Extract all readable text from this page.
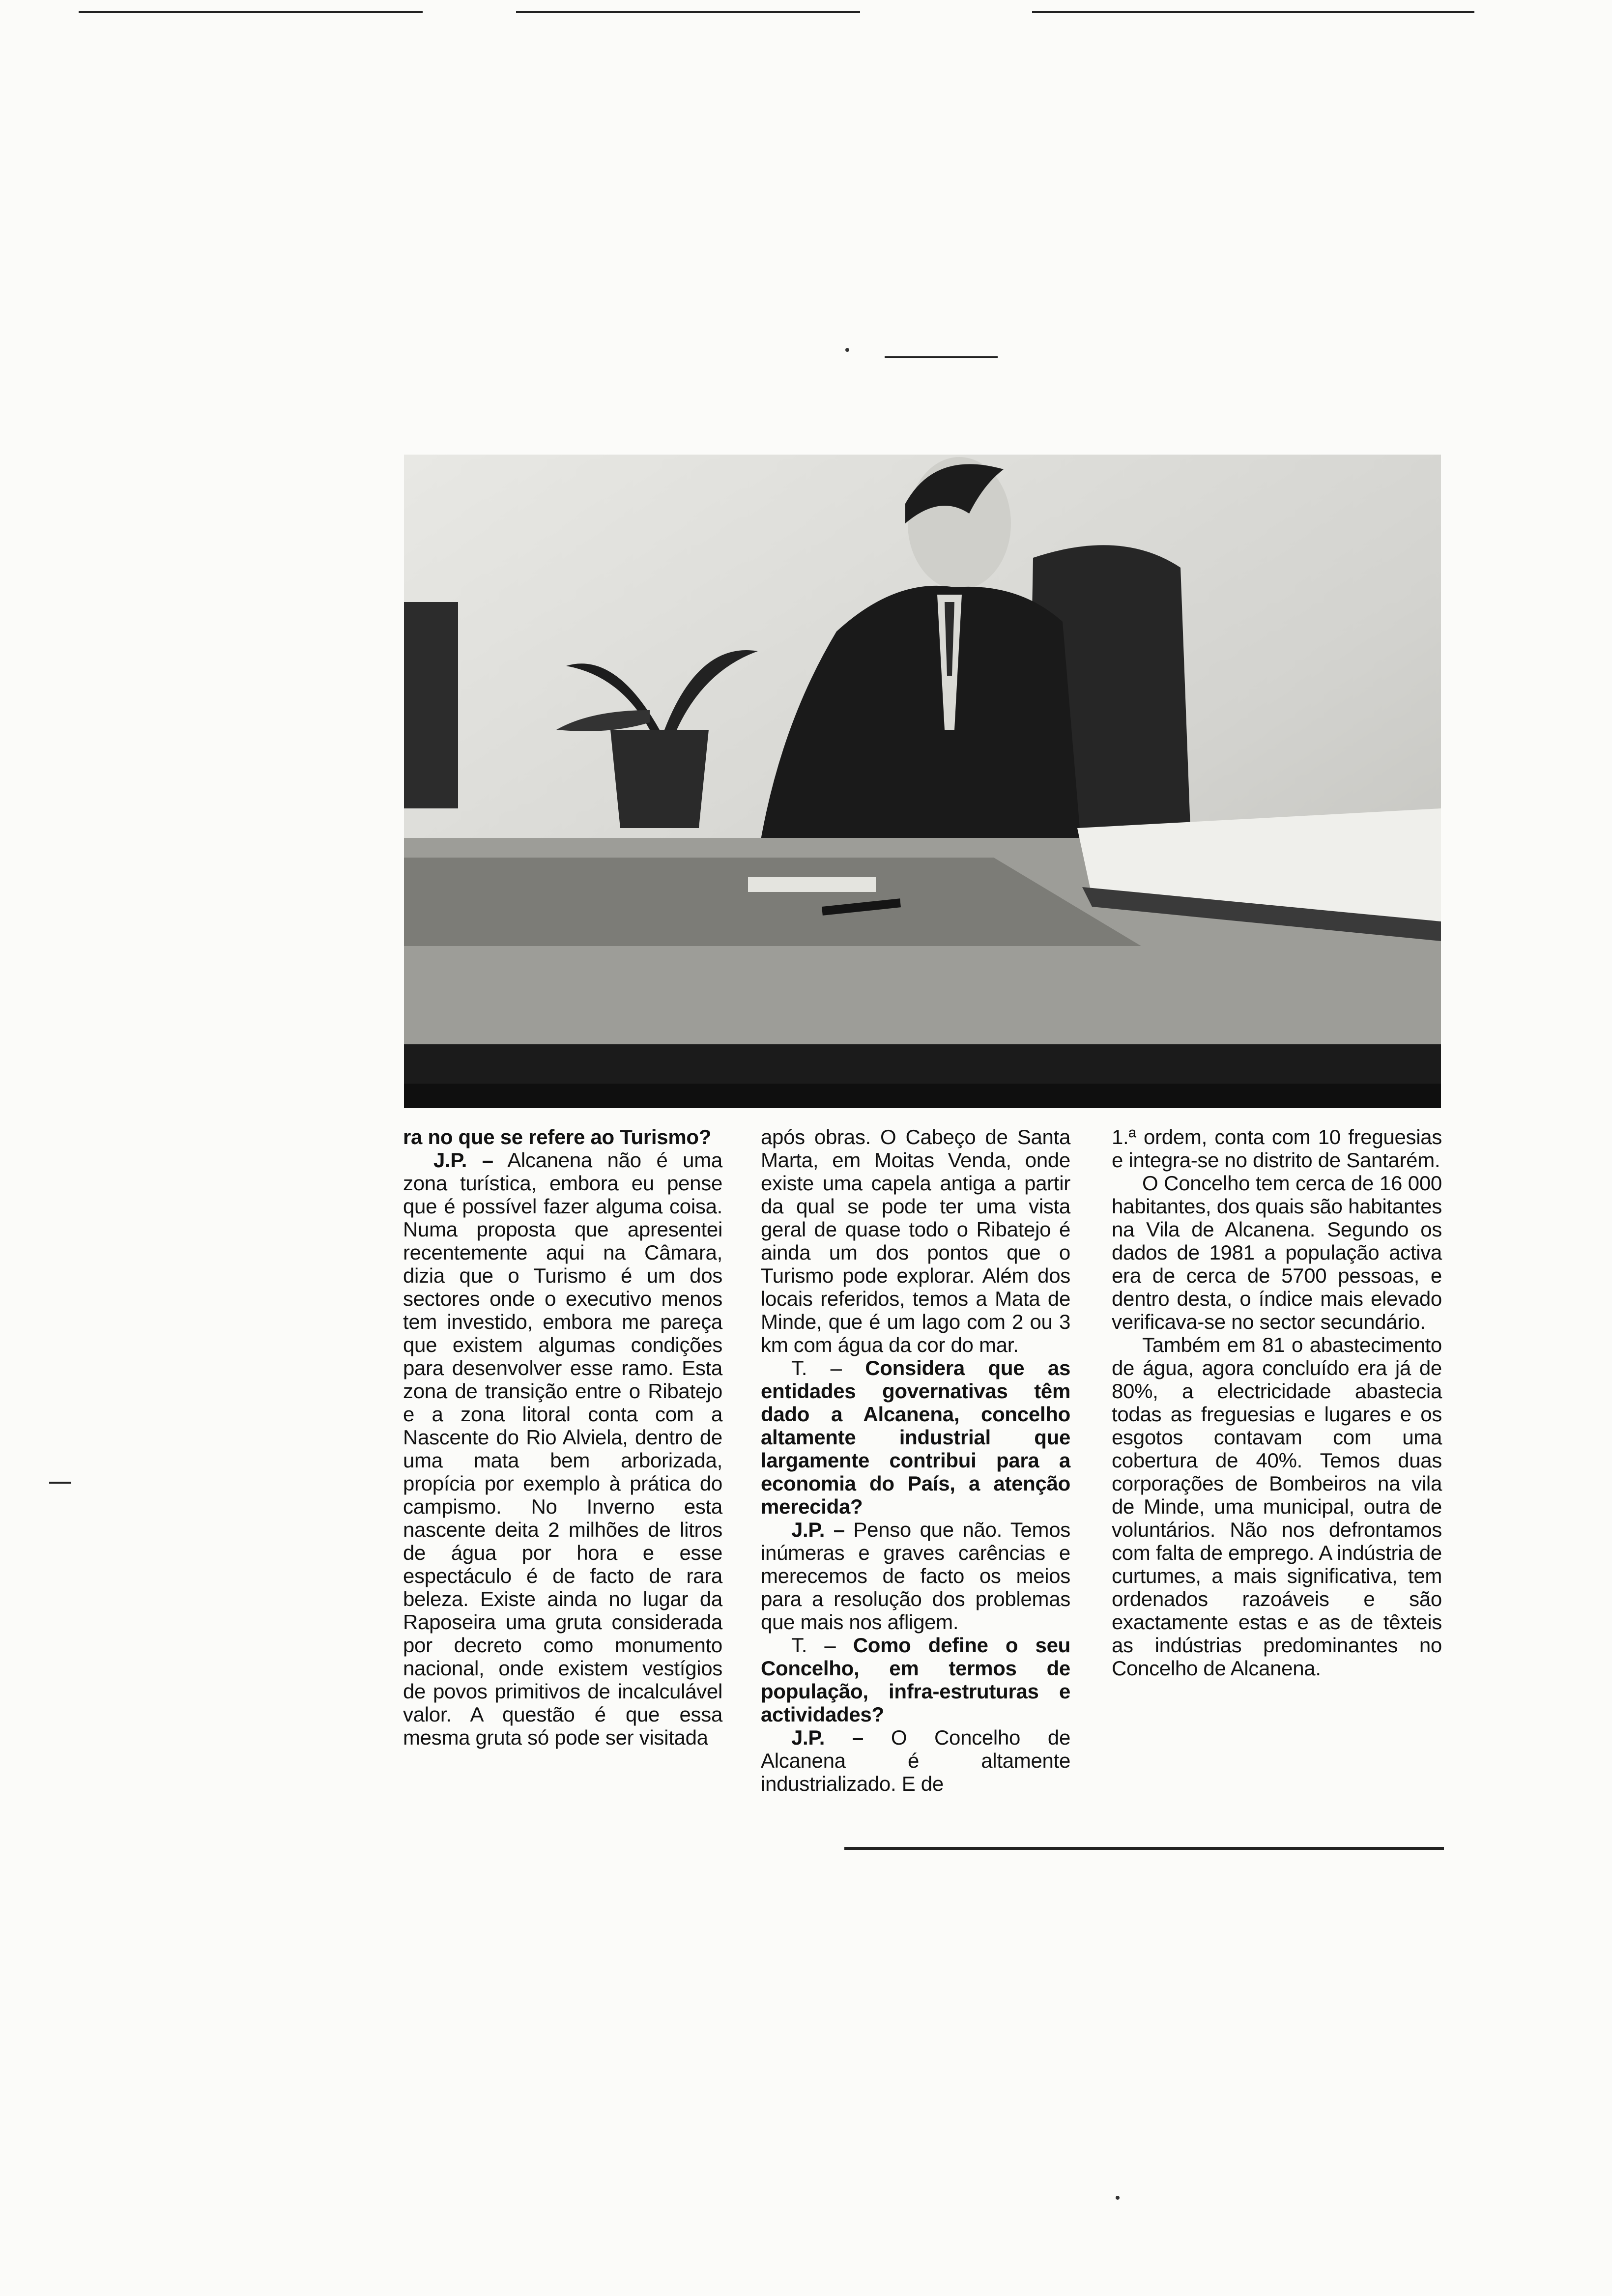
ra no que se refere ao Turismo?

J.P. – Alcanena não é uma zona turística, embora eu pense que é possível fazer alguma coisa. Numa proposta que apresentei recentemente aqui na Câmara, dizia que o Turismo é um dos sectores onde o executivo menos tem investido, embora me pareça que existem algumas condições para desenvolver esse ramo. Esta zona de transição entre o Ribatejo e a zona litoral conta com a Nascente do Rio Alviela, dentro de uma mata bem arborizada, propícia por exemplo à prática do campismo. No Inverno esta nascente deita 2 milhões de litros de água por hora e esse espectáculo é de facto de rara beleza. Existe ainda no lugar da Raposeira uma gruta considerada por decreto como monumento nacional, onde existem vestígios de povos primitivos de incalculável valor. A questão é que essa mesma gruta só pode ser visitada

após obras. O Cabeço de Santa Marta, em Moitas Venda, onde existe uma capela antiga a partir da qual se pode ter uma vista geral de quase todo o Ribatejo é ainda um dos pontos que o Turismo pode explorar. Além dos locais referidos, temos a Mata de Minde, que é um lago com 2 ou 3 km com água da cor do mar.

T. – Considera que as entidades governativas têm dado a Alcanena, concelho altamente industrial que largamente contribui para a economia do País, a atenção merecida?

J.P. – Penso que não. Temos inúmeras e graves carências e merecemos de facto os meios para a resolução dos problemas que mais nos afligem.

T. – Como define o seu Concelho, em termos de população, infra-estruturas e actividades?

J.P. – O Concelho de Alcanena é altamente industrializado. E de

1.ª ordem, conta com 10 freguesias e integra-se no distrito de Santarém.

O Concelho tem cerca de 16 000 habitantes, dos quais são habitantes na Vila de Alcanena. Segundo os dados de 1981 a população activa era de cerca de 5700 pessoas, e dentro desta, o índice mais elevado verificava-se no sector secundário.

Também em 81 o abastecimento de água, agora concluído era já de 80%, a electricidade abastecia todas as freguesias e lugares e os esgotos contavam com uma cobertura de 40%. Temos duas corporações de Bombeiros na vila de Minde, uma municipal, outra de voluntários. Não nos defrontamos com falta de emprego. A indústria de curtumes, a mais significativa, tem ordenados razoáveis e são exactamente estas e as de têxteis as indústrias predominantes no Concelho de Alcanena.
